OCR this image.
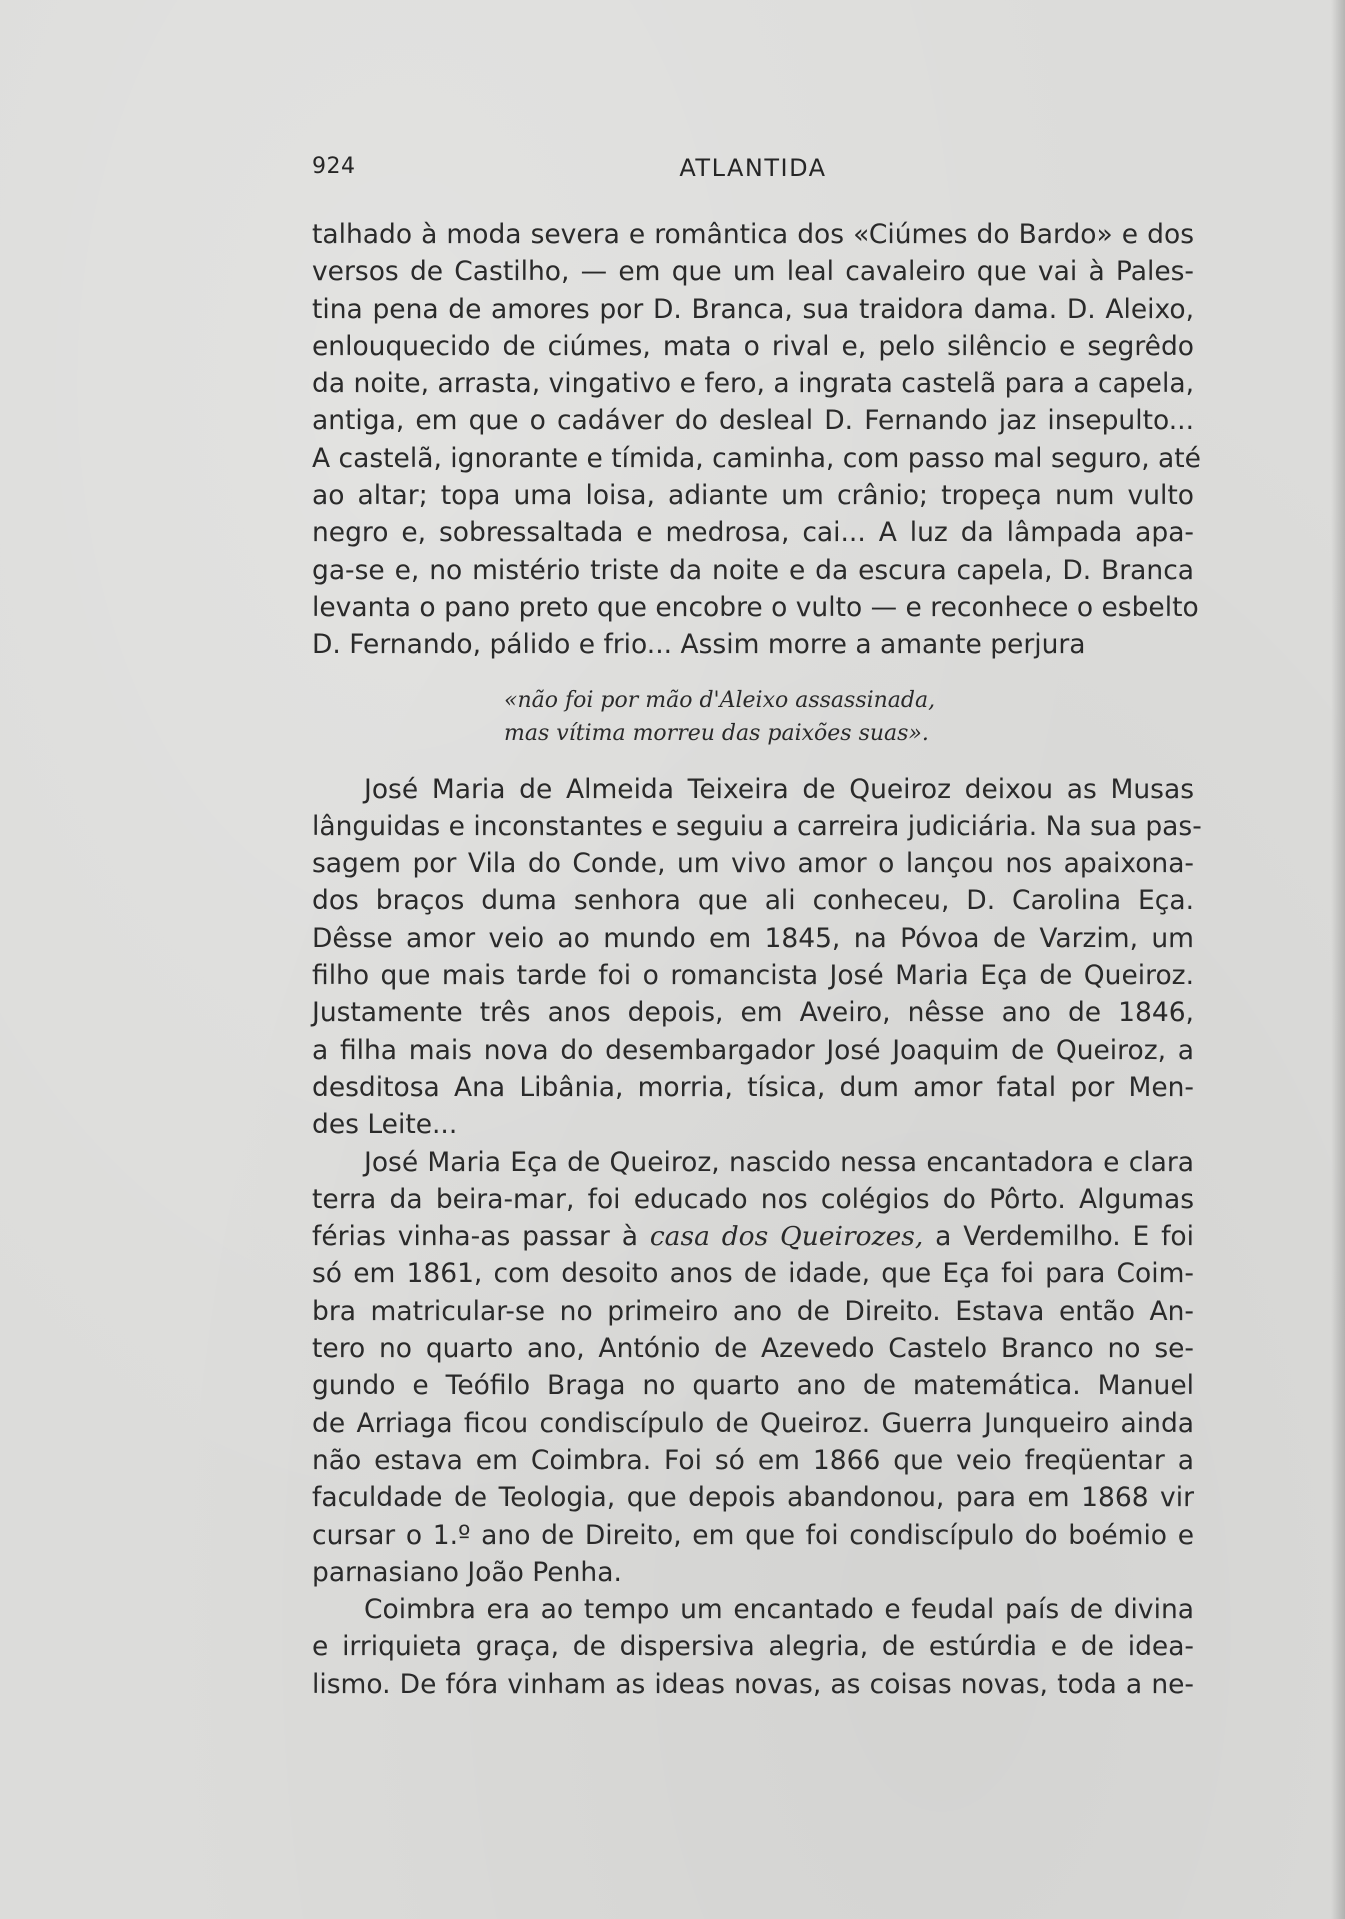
924	ATLANTIDA
talhado à moda severa e romântica dos «Ciúmes do Bardo» e dos
versos de Castilho, — em que um leal cavaleiro que vai à Pales-
tina pena de amores por D. Branca, sua traidora dama. D. Aleixo,
enlouquecido de ciúmes, mata o rival e, pelo silêncio e segrêdo
da noite, arrasta, vingativo e fero, a ingrata castelã para a capela,
antiga, em que o cadáver do desleal D. Fernando jaz insepulto...
A castelã, ignorante e tímida, caminha, com passo mal seguro, até
ao altar; topa uma loisa, adiante um crânio; tropeça num vulto
negro e, sobressaltada e medrosa, cai... A luz da lâmpada apa-
ga-se e, no mistério triste da noite e da escura capela, D. Branca
levanta o pano preto que encobre o vulto — e reconhece o esbelto
D. Fernando, pálido e frio... Assim morre a amante perjura
«não foi por mão d'Aleixo assassinada,
mas vítima morreu das paixões suas».
José Maria de Almeida Teixeira de Queiroz deixou as Musas
lânguidas e inconstantes e seguiu a carreira judiciária. Na sua pas-
sagem por Vila do Conde, um vivo amor o lançou nos apaixona-
dos braços duma senhora que ali conheceu, D. Carolina Eça.
Dêsse amor veio ao mundo em 1845, na Póvoa de Varzim, um
filho que mais tarde foi o romancista José Maria Eça de Queiroz.
Justamente três anos depois, em Aveiro, nêsse ano de 1846,
a filha mais nova do desembargador José Joaquim de Queiroz, a
desditosa Ana Libânia, morria, tísica, dum amor fatal por Men-
des Leite...
José Maria Eça de Queiroz, nascido nessa encantadora e clara
terra da beira-mar, foi educado nos colégios do Pôrto. Algumas
férias vinha-as passar à casa dos Queirozes, a Verdemilho. E foi
só em 1861, com desoito anos de idade, que Eça foi para Coim-
bra matricular-se no primeiro ano de Direito. Estava então An-
tero no quarto ano, António de Azevedo Castelo Branco no se-
gundo e Teófilo Braga no quarto ano de matemática. Manuel
de Arriaga ficou condiscípulo de Queiroz. Guerra Junqueiro ainda
não estava em Coimbra. Foi só em 1866 que veio freqüentar a
faculdade de Teologia, que depois abandonou, para em 1868 vir
cursar o 1.º ano de Direito, em que foi condiscípulo do boémio e
parnasiano João Penha.
Coimbra era ao tempo um encantado e feudal país de divina
e irriquieta graça, de dispersiva alegria, de estúrdia e de idea-
lismo. De fóra vinham as ideas novas, as coisas novas, toda a ne-
